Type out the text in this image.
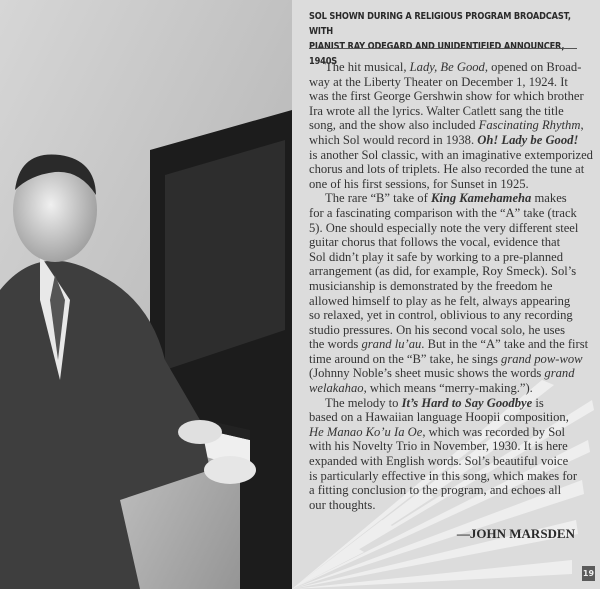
SOL SHOWN DURING A RELIGIOUS PROGRAM BROADCAST, WITH
PIANIST RAY ODEGARD AND UNIDENTIFIED ANNOUNCER, 1940S
The hit musical, Lady, Be Good, opened on Broad-
way at the Liberty Theater on December 1, 1924. It
was the first George Gershwin show for which brother
Ira wrote all the lyrics. Walter Catlett sang the title
song, and the show also included Fascinating Rhythm,
which Sol would record in 1938. Oh! Lady be Good!
is another Sol classic, with an imaginative extemporized
chorus and lots of triplets. He also recorded the tune at
one of his first sessions, for Sunset in 1925.
The rare “B” take of King Kamehameha makes
for a fascinating comparison with the “A” take (track
5). One should especially note the very different steel
guitar chorus that follows the vocal, evidence that
Sol didn’t play it safe by working to a pre-planned
arrangement (as did, for example, Roy Smeck). Sol’s
musicianship is demonstrated by the freedom he
allowed himself to play as he felt, always appearing
so relaxed, yet in control, oblivious to any recording
studio pressures. On his second vocal solo, he uses
the words grand lu’au. But in the “A” take and the first
time around on the “B” take, he sings grand pow-wow
(Johnny Noble’s sheet music shows the words grand
welakahao, which means “merry-making.”).
The melody to It’s Hard to Say Goodbye is
based on a Hawaiian language Hoopii composition,
He Manao Ko’u Ia Oe, which was recorded by Sol
with his Novelty Trio in November, 1930. It is here
expanded with English words. Sol’s beautiful voice
is particularly effective in this song, which makes for
a fitting conclusion to the program, and echoes all
our thoughts.
—JOHN MARSDEN
19
